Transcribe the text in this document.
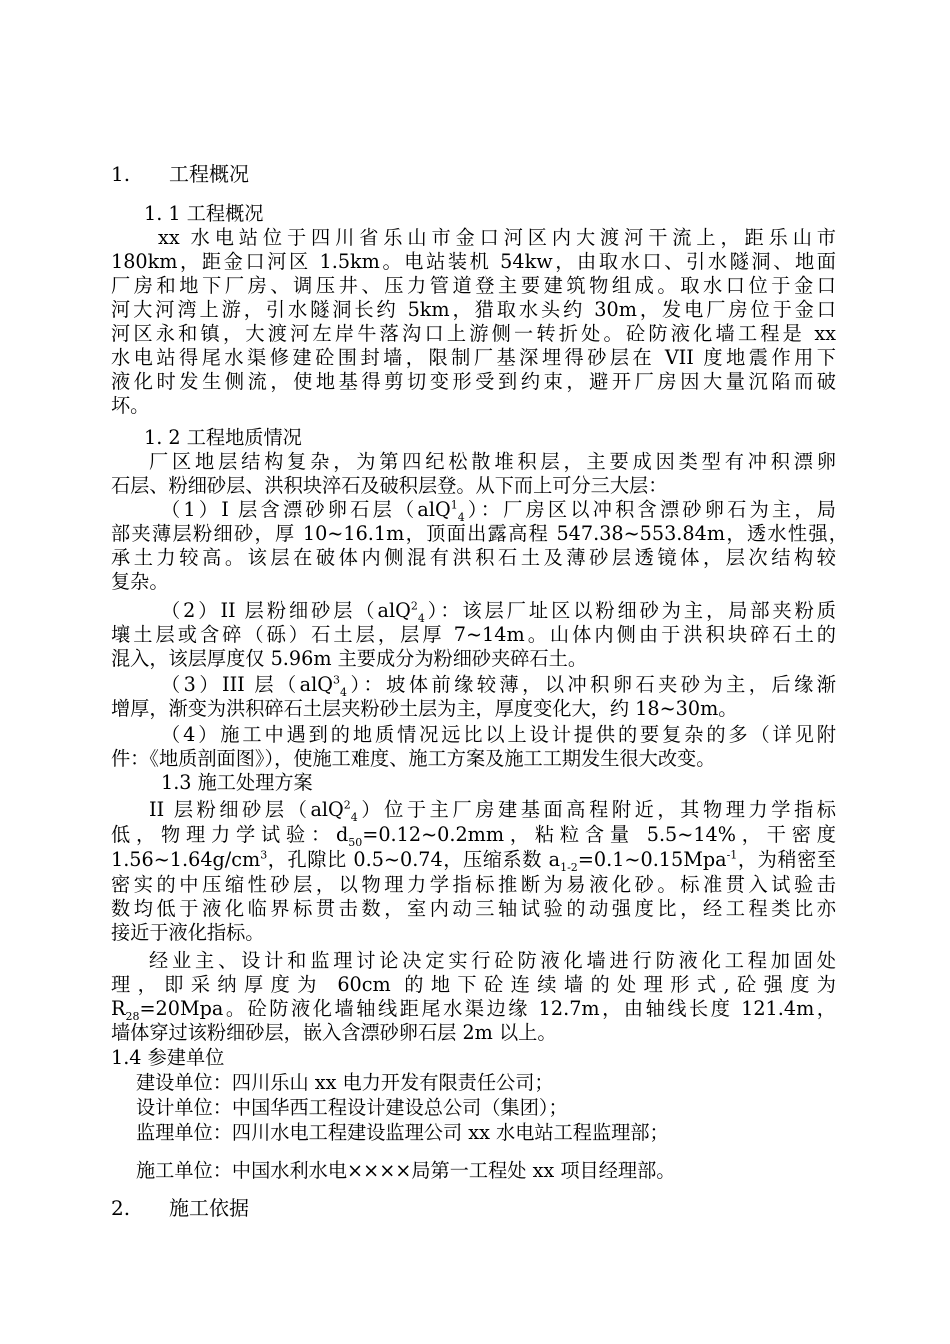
1. 工程概况
1. 1 工程概况
xx 水电站位于四川省乐山市金口河区内大渡河干流上，距乐山市
180km，距金口河区 1.5km。电站装机 54kw，由取水口、引水隧洞、地面
厂房和地下厂房、调压井、压力管道登主要建筑物组成。取水口位于金口
河大河湾上游，引水隧洞长约 5km，猎取水头约 30m，发电厂房位于金口
河区永和镇，大渡河左岸牛落沟口上游侧一转折处。砼防液化墙工程是 xx
水电站得尾水渠修建砼围封墙，限制厂基深埋得砂层在 VII 度地震作用下
液化时发生侧流，使地基得剪切变形受到约束，避开厂房因大量沉陷而破
坏。
1. 2 工程地质情况
厂区地层结构复杂，为第四纪松散堆积层，主要成因类型有冲积漂卵
石层、粉细砂层、洪积块淬石及破积层登。从下而上可分三大层：
（1）I 层含漂砂卵石层（alQ$^1_4$）：厂房区以冲积含漂砂卵石为主，局
部夹薄层粉细砂，厚 10~16.1m，顶面出露高程 547.38~553.84m，透水性强，
承土力较高。该层在破体内侧混有洪积石土及薄砂层透镜体，层次结构较
复杂。
（2）II 层粉细砂层（alQ$^2_4$）：该层厂址区以粉细砂为主，局部夹粉质
壤土层或含碎（砾）石土层，层厚 7~14m。山体内侧由于洪积块碎石土的
混入，该层厚度仅 5.96m 主要成分为粉细砂夹碎石土。
（3）III 层（alQ$^3_4$）：坡体前缘较薄，以冲积卵石夹砂为主，后缘渐
增厚，渐变为洪积碎石土层夹粉砂土层为主，厚度变化大，约 18~30m。
（4）施工中遇到的地质情况远比以上设计提供的要复杂的多（详见附
件：《地质剖面图》），使施工难度、施工方案及施工工期发生很大改变。
1.3 施工处理方案
II 层粉细砂层（alQ$^2_4$）位于主厂房建基面高程附近，其物理力学指标
低，物理力学试验：$d_{50}=0.12\sim 0.2mm$，粘粒含量 5.5~14%，干密度
$1.56\sim 1.64g/cm^3$，孔隙比 0.5~0.74，压缩系数 $a_{1-2}=0.1\sim 0.15Mpa^{-1}$，为稍密至
密实的中压缩性砂层，以物理力学指标推断为易液化砂。标准贯入试验击
数均低于液化临界标贯击数，室内动三轴试验的动强度比，经工程类比亦
接近于液化指标。
经业主、设计和监理讨论决定实行砼防液化墙进行防液化工程加固处
理，即采纳厚度为 60cm 的地下砼连续墙的处理形式,砼强度为
$R_{28}=20Mpa$。砼防液化墙轴线距尾水渠边缘 12.7m，由轴线长度 121.4m，
墙体穿过该粉细砂层，嵌入含漂砂卵石层 2m 以上。
1.4 参建单位
建设单位：四川乐山 xx 电力开发有限责任公司；
设计单位：中国华西工程设计建设总公司（集团）；
监理单位：四川水电工程建设监理公司 xx 水电站工程监理部；
施工单位：中国水利水电××××局第一工程处 xx 项目经理部。
2. 施工依据
